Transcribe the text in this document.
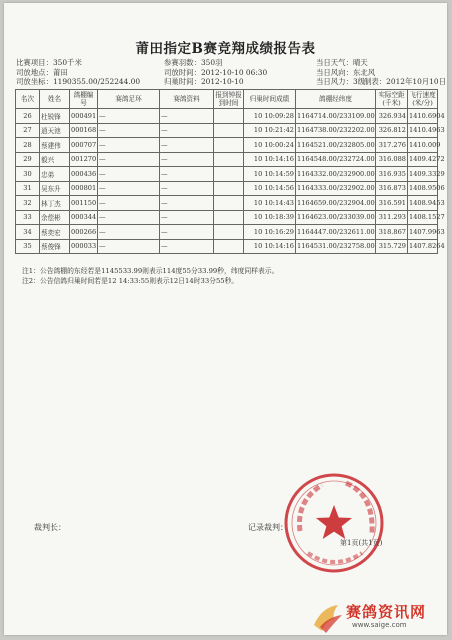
莆田指定B赛竞翔成绩报告表
比赛项目：350千米	参赛羽数：350羽	当日天气：晴天
司放地点：莆田	司放时间：2012-10-10 06:30	当日风向：东北风
司放坐标：1190355.00/252244.00	归巢时间：2012-10-10	当日风力：3级
制表：2012年10月10日
名次	姓名	鸽棚编号	赛鸽足环	赛鸽资料	报到钟报到时间	归巢时间成绩	鸽棚经纬度	实际空距(千米)	飞行速度(米/分)
26	杜锐锋	000491	—	—		10 10:09:28	1164714.00/233109.00	326.934	1410.6904
27	逍天池	000168	—	—		10 10:21:42	1164738.00/232202.00	326.812	1410.4963
28	蔡建伟	000707	—	—		10 10:00:24	1164521.00/232805.00	317.276	1410.009
29	毅兴	001270	—	—		10 10:14:16	1164548.00/232724.00	316.088	1409.4272
30	忠弟	000436	—	—		10 10:14:59	1164332.00/232900.00	316.935	1409.3329
31	吴东升	000801	—	—		10 10:14:56	1164333.00/232902.00	316.873	1408.9506
32	林丁杰	001150	—	—		10 10:14:43	1164659.00/232904.00	316.591	1408.9453
33	余偿彬	000344	—	—		10 10:18:39	1164623.00/233039.00	311.293	1408.1527
34	蔡奕宏	000266	—	—		10 10:16:29	1164447.00/232611.00	318.867	1407.9963
35	蔡俊锋	000033	—	—		10 10:14:16	1164531.00/232758.00	315.729	1407.8264
注1：公告鸽棚的东经若是1145533.99则表示114度55分33.99秒，纬度同样表示。
注2：公告信鸽归巢时间若是12 14:33:55则表示12日14时33分55秒。
裁判长：	记录裁判：
第1页(共1页)
赛鸽资讯网
www.saige.com
